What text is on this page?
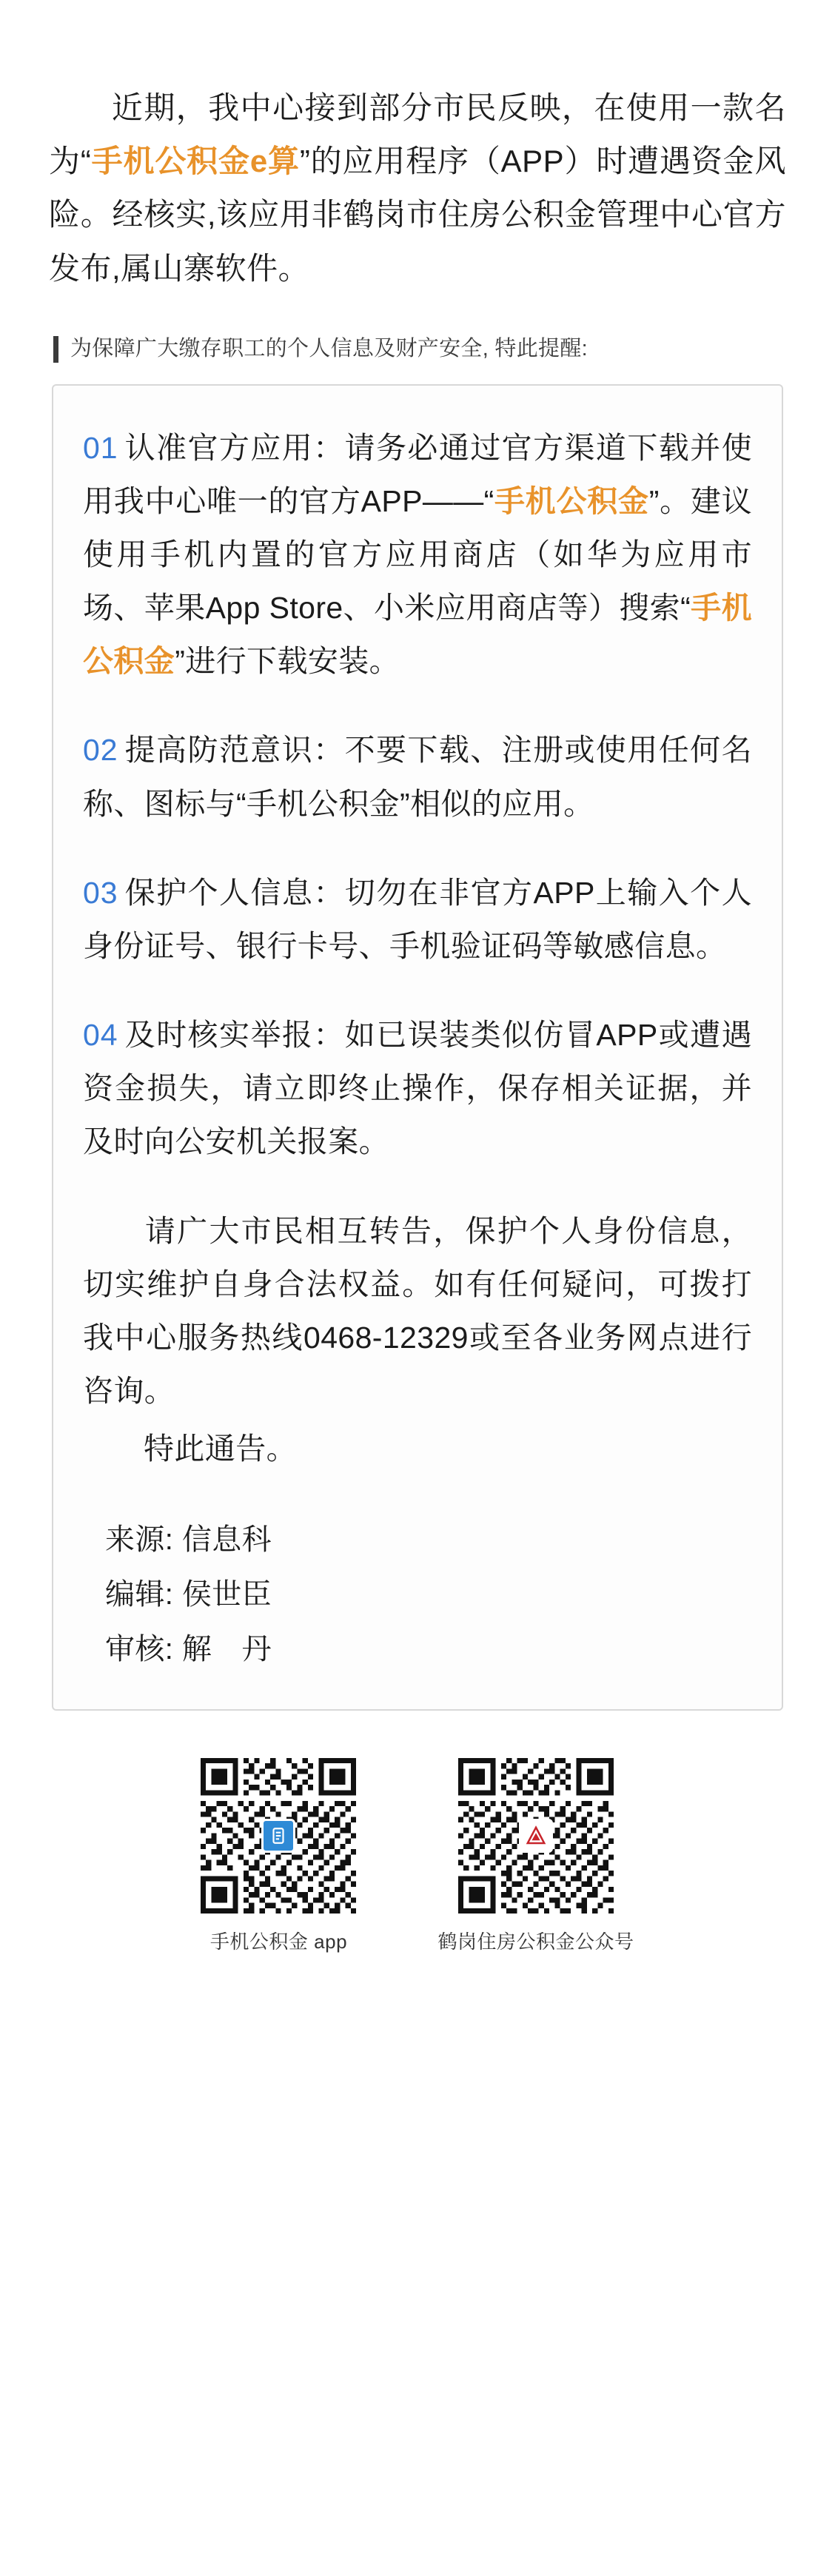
近期，我中心接到部分市民反映，在使用一款名为“手机公积金e算”的应用程序（APP）时遭遇资金风险。经核实,该应用非鹤岗市住房公积金管理中心官方发布,属山寨软件。

为保障广大缴存职工的个人信息及财产安全, 特此提醒:
01 认准官方应用：请务必通过官方渠道下载并使用我中心唯一的官方APP——“手机公积金”。建议使用手机内置的官方应用商店（如华为应用市场、苹果App Store、小米应用商店等）搜索“手机公积金”进行下载安装。
02 提高防范意识：不要下载、注册或使用任何名称、图标与“手机公积金”相似的应用。
03 保护个人信息：切勿在非官方APP上输入个人身份证号、银行卡号、手机验证码等敏感信息。
04 及时核实举报：如已误装类似仿冒APP或遭遇资金损失，请立即终止操作，保存相关证据，并及时向公安机关报案。

请广大市民相互转告，保护个人身份信息，切实维护自身合法权益。如有任何疑问，可拨打我中心服务热线0468-12329或至各业务网点进行咨询。

特此通告。

来源: 信息科
编辑: 侯世臣
审核: 解　丹
手机公积金 app	鹤岗住房公积金公众号
